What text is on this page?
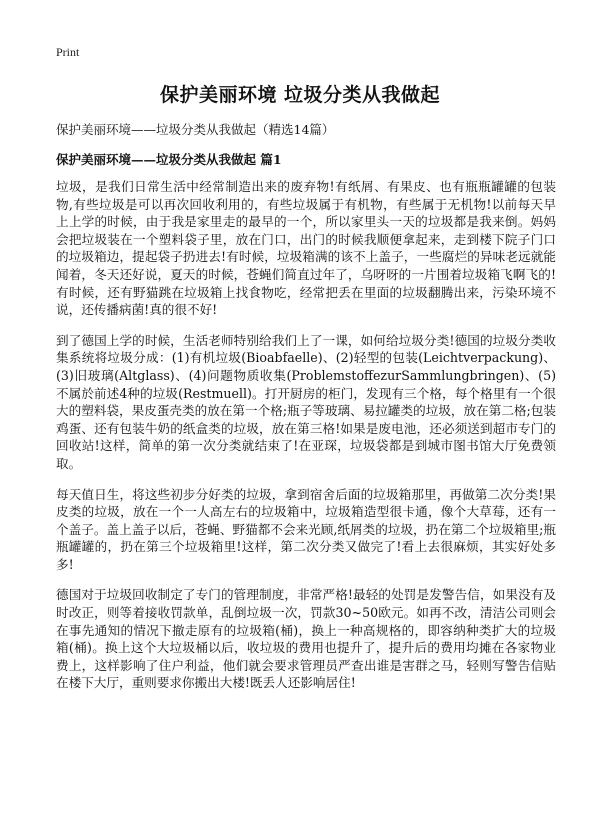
Print
保护美丽环境 垃圾分类从我做起
保护美丽环境——垃圾分类从我做起（精选14篇）
保护美丽环境——垃圾分类从我做起 篇1

垃圾，是我们日常生活中经常制造出来的废弃物!有纸屑、有果皮、也有瓶瓶罐罐的包装物,有些垃圾是可以再次回收利用的，有些垃圾属于有机物，有些属于无机物!以前每天早上上学的时候，由于我是家里走的最早的一个，所以家里头一天的垃圾都是我来倒。妈妈会把垃圾装在一个塑料袋子里，放在门口，出门的时候我顺便拿起来，走到楼下院子门口的垃圾箱边，提起袋子扔进去!有时候，垃圾箱满的该不上盖子，一些腐烂的异味老远就能闻着，冬天还好说，夏天的时候，苍蝇们简直过年了，乌呀呀的一片围着垃圾箱飞啊飞的!有时候，还有野猫跳在垃圾箱上找食物吃，经常把丢在里面的垃圾翻腾出来，污染环境不说，还传播病菌!真的很不好!

到了德国上学的时候，生活老师特别给我们上了一课，如何给垃圾分类!德国的垃圾分类收集系统将垃圾分成：(1)有机垃圾(Bioabfaelle)、(2)轻型的包装(Leichtverpackung)、(3)旧玻璃(Altglass)、(4)问题物质收集(ProblemstoffezurSammlungbringen)、(5)不属於前述4种的垃圾(Restmuell)。打开厨房的柜门，发现有三个格，每个格里有一个很大的塑料袋，果皮蛋壳类的放在第一个格;瓶子等玻璃、易拉罐类的垃圾，放在第二格;包装鸡蛋、还有包装牛奶的纸盒类的垃圾，放在第三格!如果是废电池，还必须送到超市专门的回收站!这样，简单的第一次分类就结束了!在亚琛，垃圾袋都是到城市图书馆大厅免费领取。

每天值日生，将这些初步分好类的垃圾，拿到宿舍后面的垃圾箱那里，再做第二次分类!果皮类的垃圾，放在一个一人高左右的垃圾箱中，垃圾箱造型很卡通，像个大草莓，还有一个盖子。盖上盖子以后，苍蝇、野猫都不会来光顾,纸屑类的垃圾，扔在第二个垃圾箱里;瓶瓶罐罐的，扔在第三个垃圾箱里!这样，第二次分类又做完了!看上去很麻烦，其实好处多多!

德国对于垃圾回收制定了专门的管理制度，非常严格!最轻的处罚是发警告信，如果没有及时改正，则等着接收罚款单，乱倒垃圾一次，罚款30~50欧元。如再不改，清洁公司则会在事先通知的情况下撤走原有的垃圾箱(桶)，换上一种高规格的，即容纳种类扩大的垃圾箱(桶)。换上这个大垃圾桶以后，收垃圾的费用也提升了，提升后的费用均摊在各家物业费上，这样影响了住户利益，他们就会要求管理员严查出谁是害群之马，轻则写警告信贴在楼下大厅，重则要求你搬出大楼!既丢人还影响居住!
